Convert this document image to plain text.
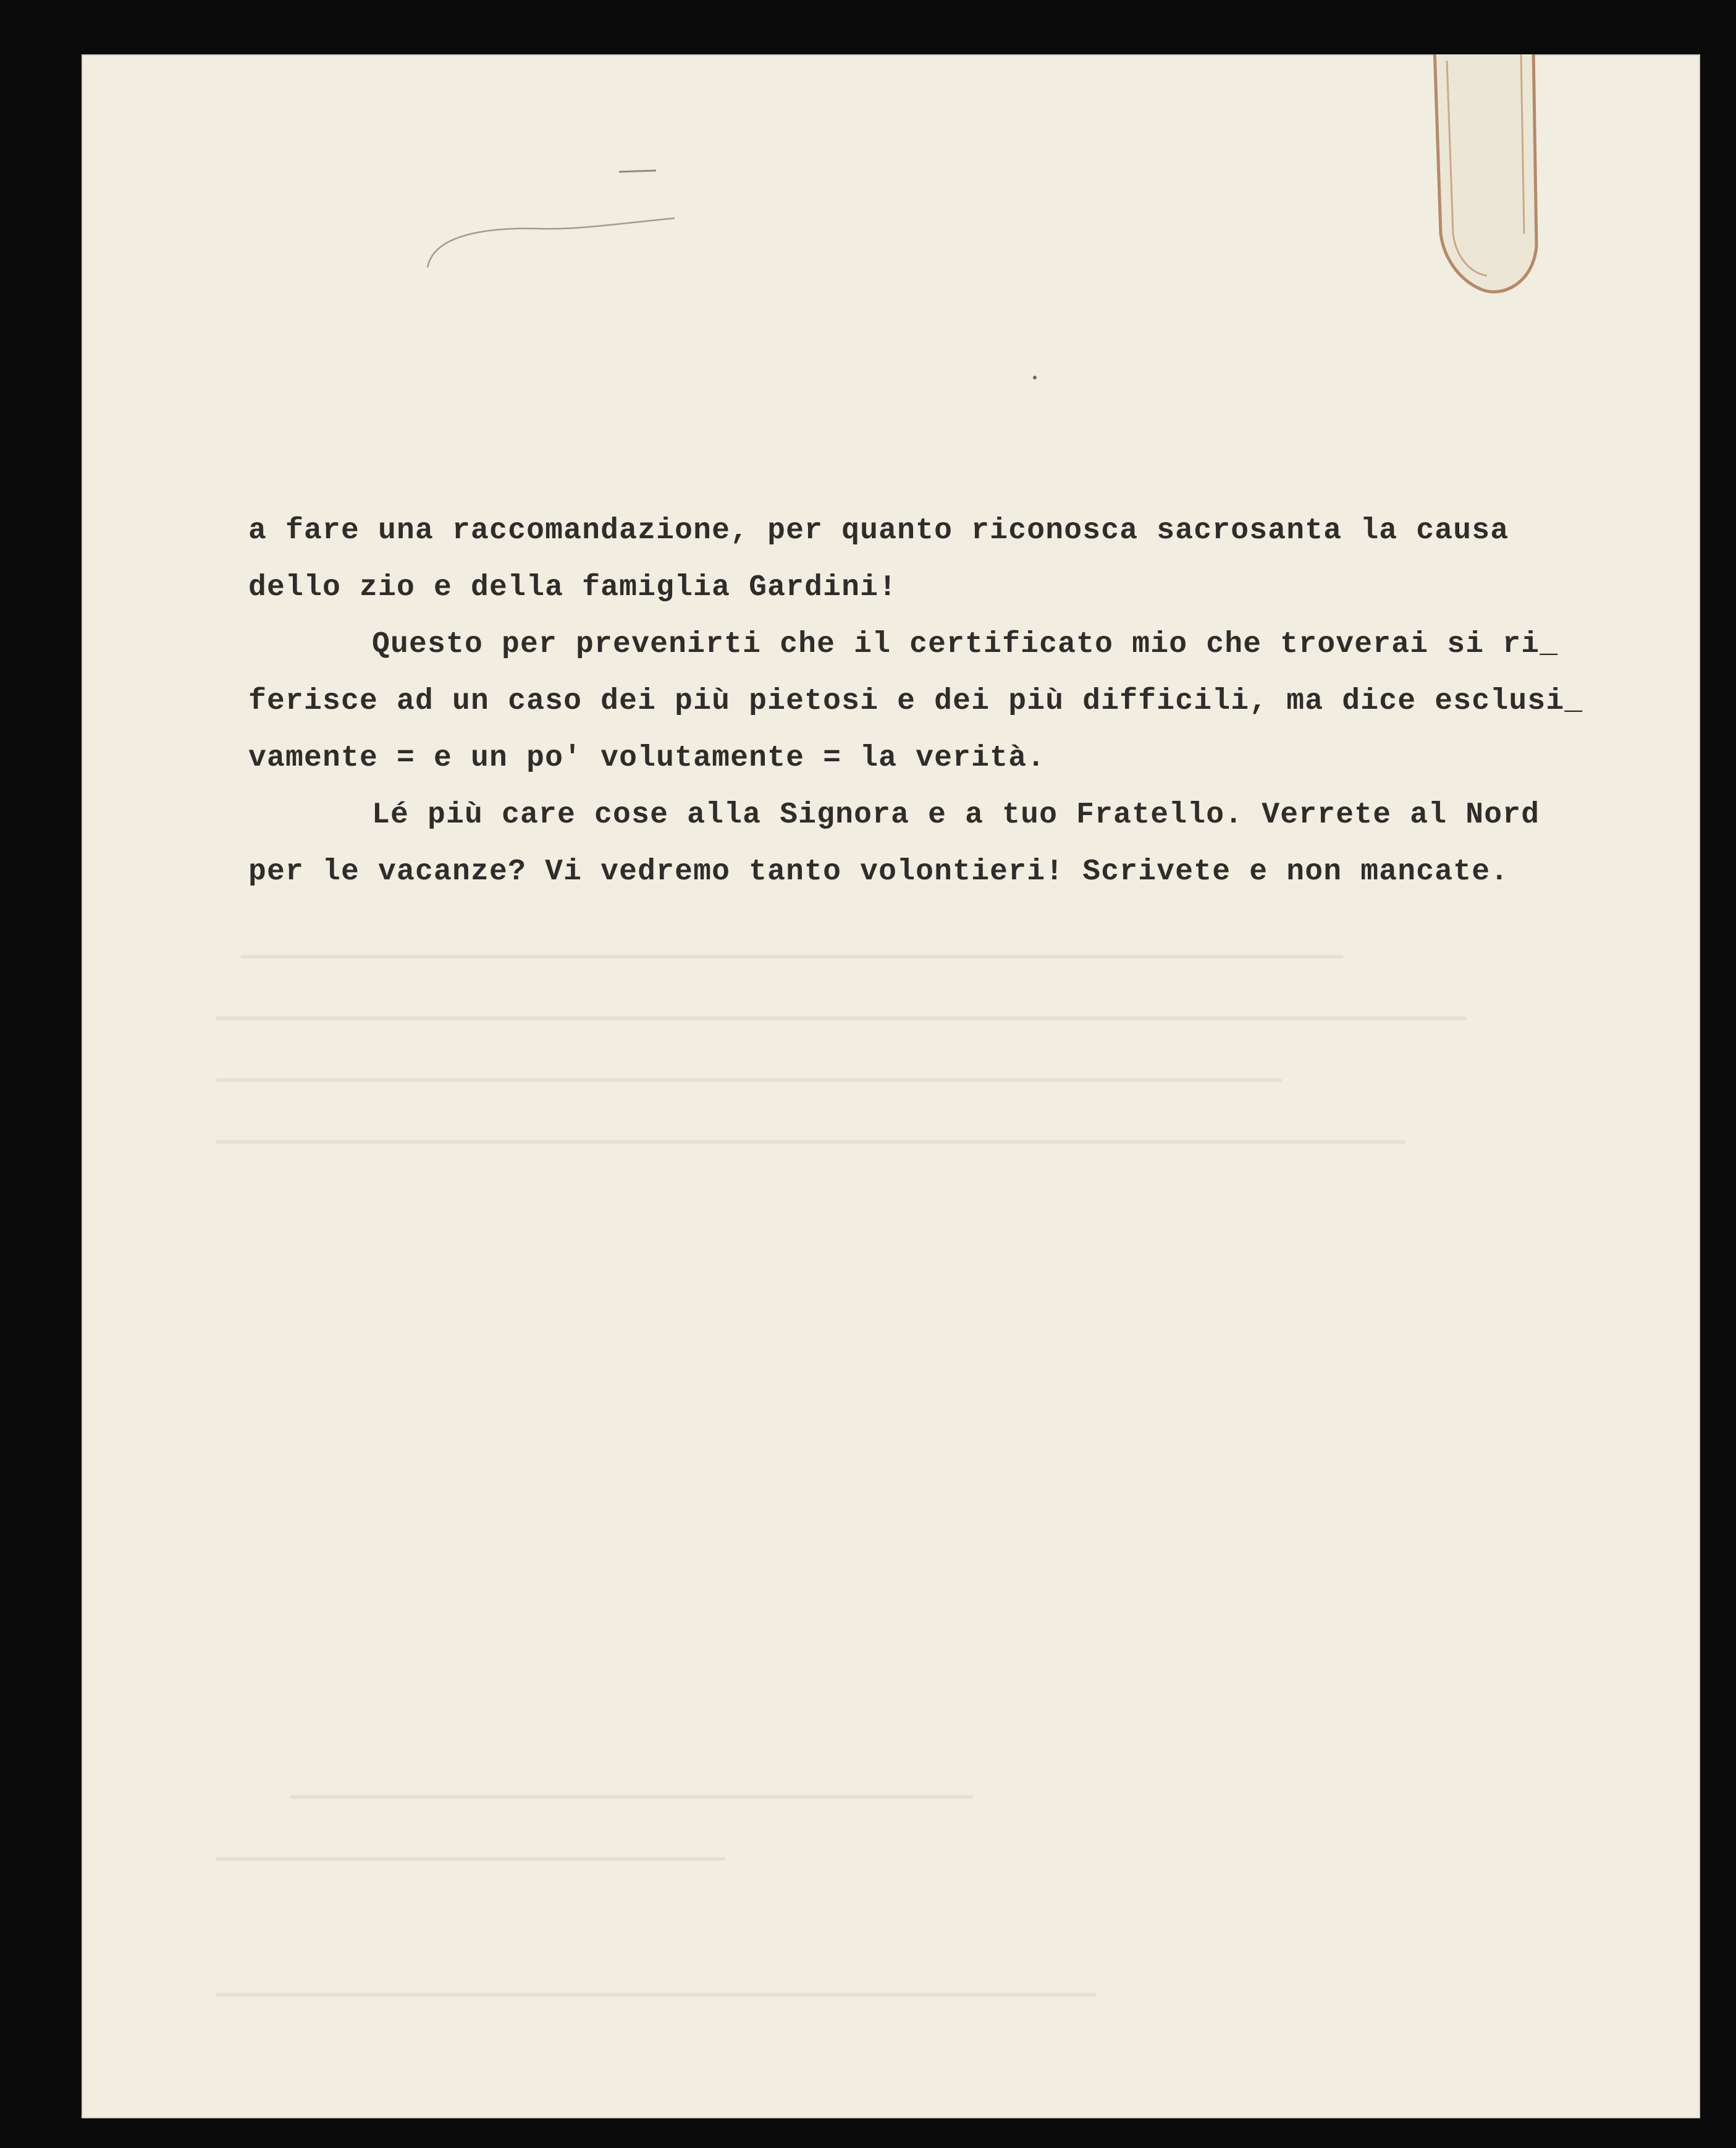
a fare una raccomandazione, per quanto riconosca sacrosanta la causa
dello zio e della famiglia Gardini!
Questo per prevenirti che il certificato mio che troverai si ri_
ferisce ad un caso dei più pietosi e dei più difficili, ma dice esclusi_
vamente = e un po' volutamente = la verità.
Lé più care cose alla Signora e a tuo Fratello. Verrete al Nord
per le vacanze? Vi vedremo tanto volontieri! Scrivete e non mancate.
